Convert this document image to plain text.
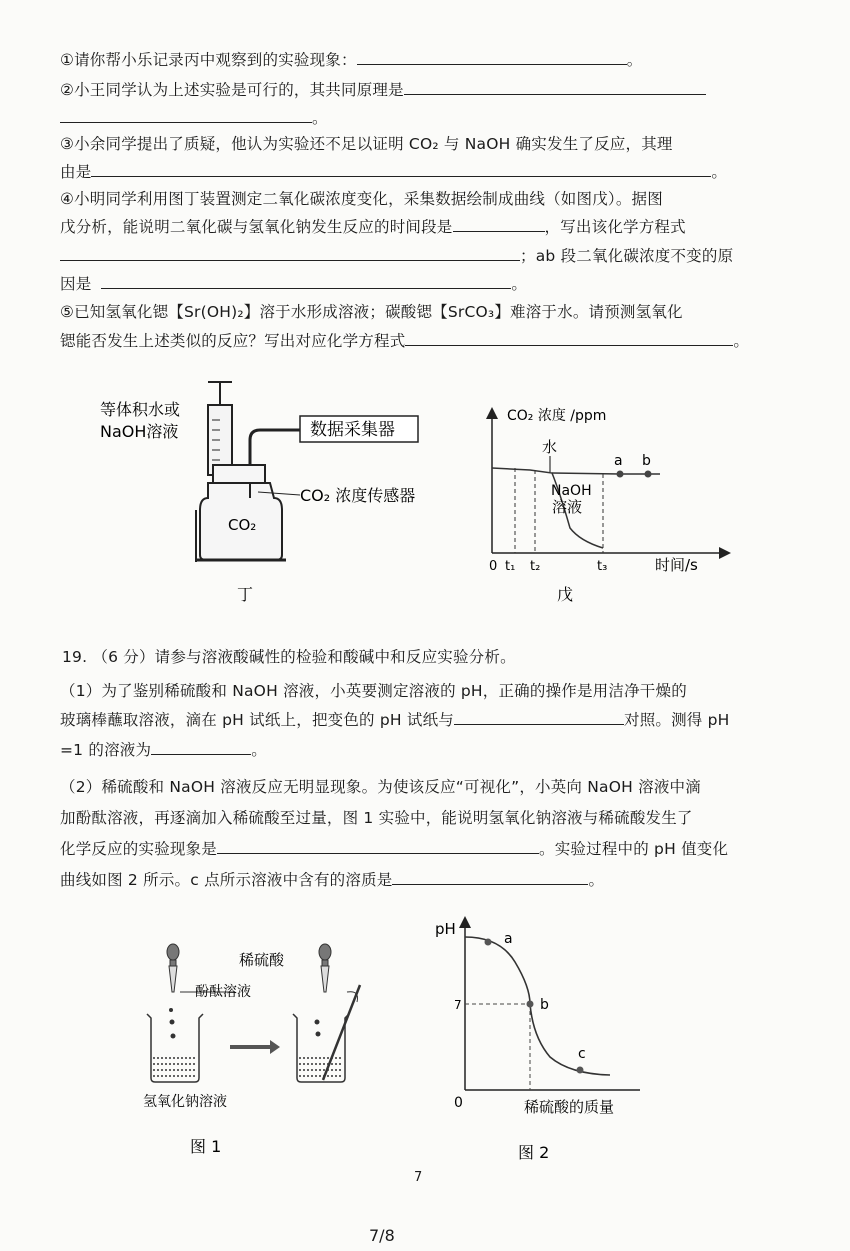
①请你帮小乐记录丙中观察到的实验现象：	。
②小王同学认为上述实验是可行的，其共同原理是
。
③小余同学提出了质疑，他认为实验还不足以证明 CO₂ 与 NaOH 确实发生了反应，其理
由是	。
④小明同学利用图丁装置测定二氧化碳浓度变化，采集数据绘制成曲线（如图戊）。据图
戊分析，能说明二氧化碳与氢氧化钠发生反应的时间段是	，写出该化学方程式
；ab 段二氧化碳浓度不变的原
因是	。
⑤已知氢氧化锶【Sr(OH)₂】溶于水形成溶液；碳酸锶【SrCO₃】难溶于水。请预测氢氧化
锶能否发生上述类似的反应？写出对应化学方程式	。
等体积水或
NaOH溶液	数据采集器
CO₂ 浓度传感器
CO₂
丁
CO₂ 浓度 /ppm
水
NaOH
溶液
a b
0 t₁ t₂	t₃	时间/s
戊
19. （6 分）请参与溶液酸碱性的检验和酸碱中和反应实验分析。
（1）为了鉴别稀硫酸和 NaOH 溶液，小英要测定溶液的 pH，正确的操作是用洁净干燥的
玻璃棒蘸取溶液，滴在 pH 试纸上，把变色的 pH 试纸与	对照。测得 pH
=1 的溶液为	。
（2）稀硫酸和 NaOH 溶液反应无明显现象。为使该反应“可视化”，小英向 NaOH 溶液中滴
加酚酞溶液，再逐滴加入稀硫酸至过量，图 1 实验中，能说明氢氧化钠溶液与稀硫酸发生了
化学反应的实验现象是	。实验过程中的 pH 值变化
曲线如图 2 所示。c 点所示溶液中含有的溶质是	。
酚酞溶液
稀硫酸
氢氧化钠溶液
图 1
pH
7
0	稀硫酸的质量
a
b
c
图 2
7
7/8
